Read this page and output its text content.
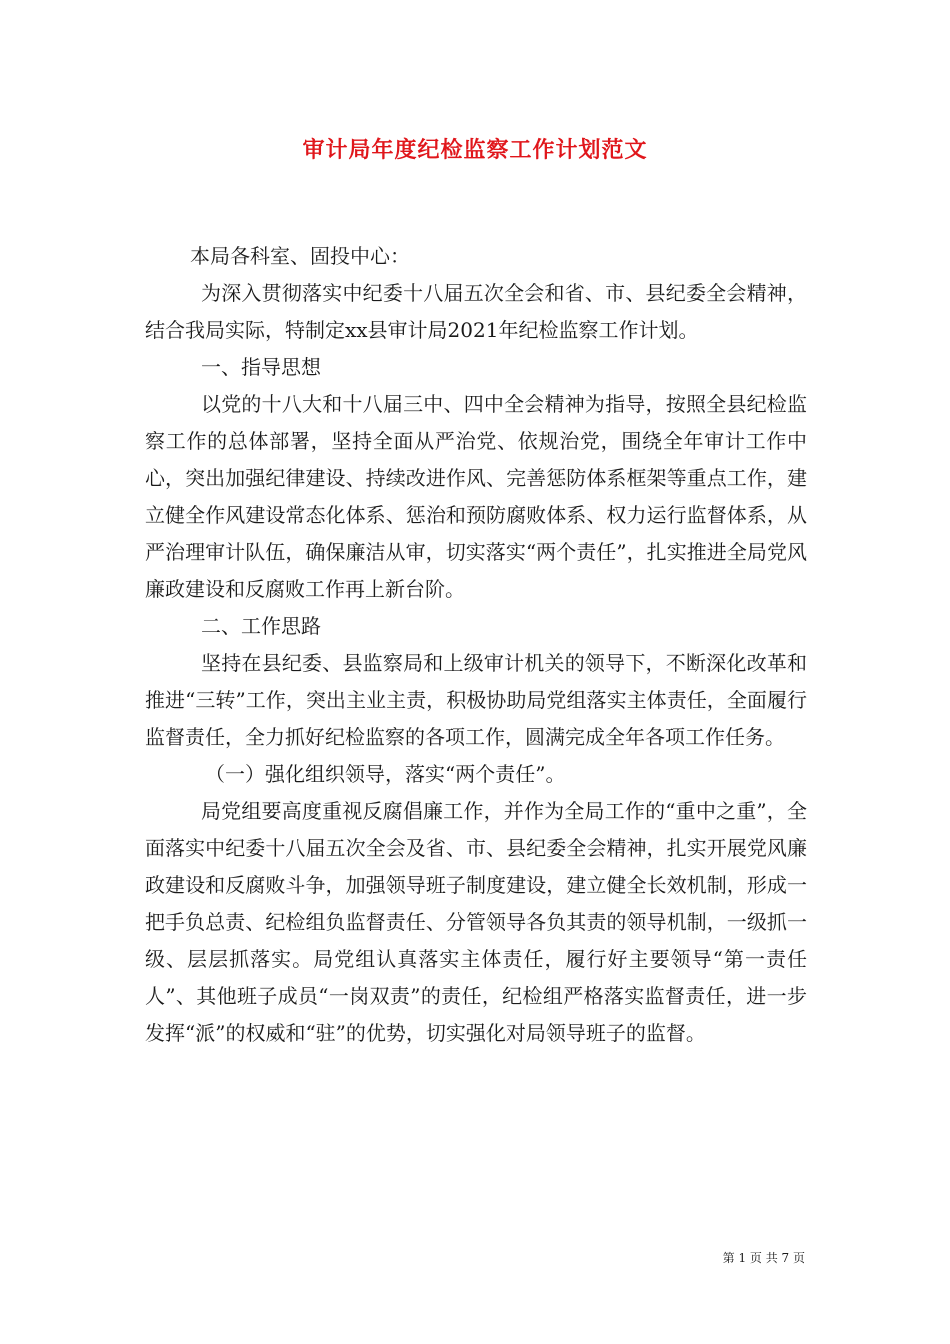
审计局年度纪检监察工作计划范文

本局各科室、固投中心：

为深入贯彻落实中纪委十八届五次全会和省、市、县纪委全会精神，结合我局实际，特制定xx县审计局2021年纪检监察工作计划。

一、指导思想

以党的十八大和十八届三中、四中全会精神为指导，按照全县纪检监察工作的总体部署，坚持全面从严治党、依规治党，围绕全年审计工作中心，突出加强纪律建设、持续改进作风、完善惩防体系框架等重点工作，建立健全作风建设常态化体系、惩治和预防腐败体系、权力运行监督体系，从严治理审计队伍，确保廉洁从审，切实落实“两个责任”，扎实推进全局党风廉政建设和反腐败工作再上新台阶。

二、工作思路

坚持在县纪委、县监察局和上级审计机关的领导下，不断深化改革和推进“三转”工作，突出主业主责，积极协助局党组落实主体责任，全面履行监督责任，全力抓好纪检监察的各项工作，圆满完成全年各项工作任务。

（一）强化组织领导，落实“两个责任”。

局党组要高度重视反腐倡廉工作，并作为全局工作的“重中之重”，全面落实中纪委十八届五次全会及省、市、县纪委全会精神，扎实开展党风廉政建设和反腐败斗争，加强领导班子制度建设，建立健全长效机制，形成一把手负总责、纪检组负监督责任、分管领导各负其责的领导机制，一级抓一级、层层抓落实。局党组认真落实主体责任，履行好主要领导“第一责任人”、其他班子成员“一岗双责”的责任，纪检组严格落实监督责任，进一步发挥“派”的权威和“驻”的优势，切实强化对局领导班子的监督。

第 1 页 共 7 页
